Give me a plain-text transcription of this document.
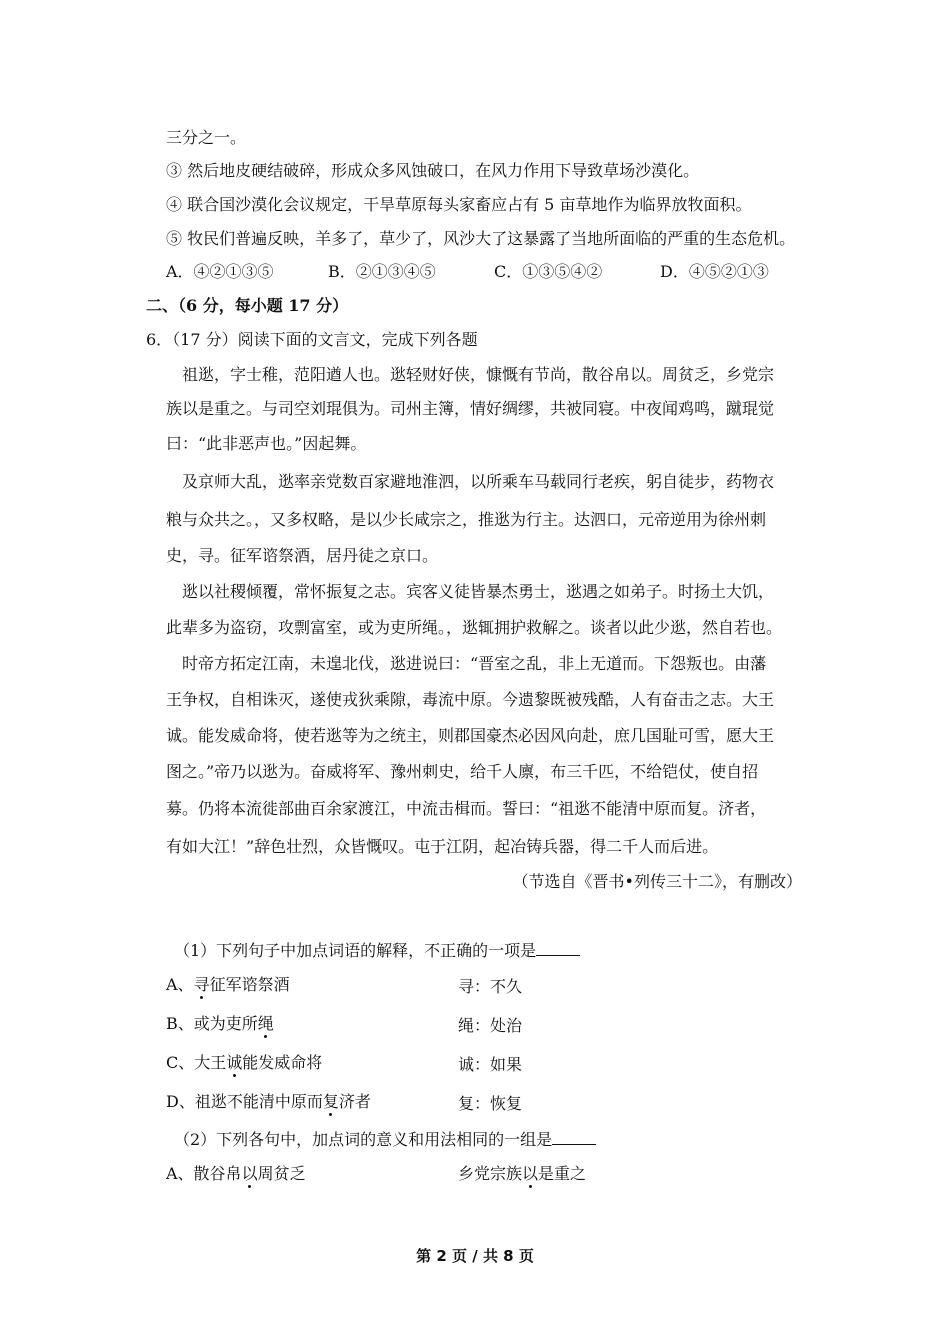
三分之一。
③ 然后地皮硬结破碎，形成众多风蚀破口，在风力作用下导致草场沙漠化。
④ 联合国沙漠化会议规定，干旱草原每头家畜应占有 5 亩草地作为临界放牧面积。
⑤ 牧民们普遍反映，羊多了，草少了，风沙大了这暴露了当地所面临的严重的生态危机。
A．④②①③⑤	B．②①③④⑤	C．①③⑤④②	D．④⑤②①③
二、（6 分，每小题 17 分）
6．（17 分）阅读下面的文言文，完成下列各题
祖逖，字士稚，范阳遒人也。逖轻财好侠，慷慨有节尚，散谷帛以。周贫乏，乡党宗
族以是重之。与司空刘琨俱为。司州主簿，情好绸缪，共被同寝。中夜闻鸡鸣，蹴琨觉
曰：“此非恶声也。”因起舞。
及京师大乱，逖率亲党数百家避地淮泗，以所乘车马载同行老疾，躬自徒步，药物衣
粮与众共之。，又多权略，是以少长咸宗之，推逖为行主。达泗口，元帝逆用为徐州刺
史，寻。征军谘祭酒，居丹徒之京口。
逖以社稷倾覆，常怀振复之志。宾客义徒皆暴杰勇士，逖遇之如弟子。时扬土大饥，
此辈多为盗窃，攻剽富室，或为吏所绳。，逖辄拥护救解之。谈者以此少逖，然自若也。
时帝方拓定江南，未遑北伐，逖进说曰：“晋室之乱，非上无道而。下怨叛也。由藩
王争权，自相诛灭，遂使戎狄乘隙，毒流中原。今遗黎既被残酷，人有奋击之志。大王
诚。能发威命将，使若逖等为之统主，则郡国豪杰必因风向赴，庶几国耻可雪，愿大王
图之。”帝乃以逖为。奋威将军、豫州刺史，给千人廪，布三千匹，不给铠仗，使自招
募。仍将本流徙部曲百余家渡江，中流击楫而。誓曰：“祖逖不能清中原而复。济者，
有如大江！”辞色壮烈，众皆慨叹。屯于江阴，起冶铸兵器，得二千人而后进。
（节选自《晋书•列传三十二》，有删改）
（1）下列句子中加点词语的解释，不正确的一项是
A、寻征军谘祭酒	寻：不久
B、或为吏所绳	绳：处治
C、大王诚能发威命将	诚：如果
D、祖逖不能清中原而复济者	复：恢复
（2）下列各句中，加点词的意义和用法相同的一组是
A、散谷帛以周贫乏	乡党宗族以是重之
第 2 页 / 共 8 页
